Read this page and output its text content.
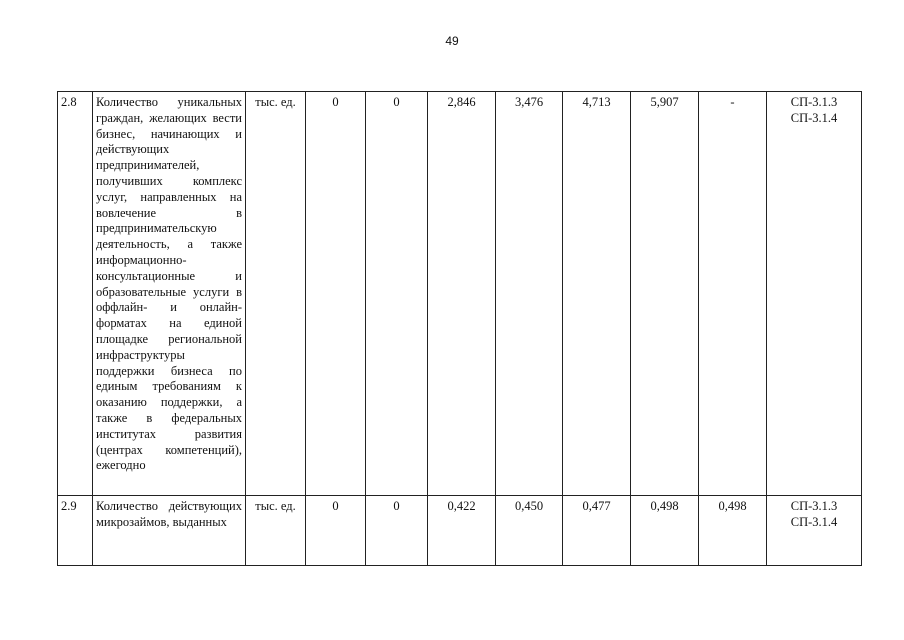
49
2.8	Количество уникальных граждан, желающих вести бизнес, начинающих и действующих предпринимателей, получивших комплекс услуг, направленных на вовлечение в предпринимательскую деятельность, а также информационно-консультационные и образовательные услуги в оффлайн- и онлайн-форматах на единой площадке региональной инфраструктуры поддержки бизнеса по единым требованиям к оказанию поддержки, а также в федеральных институтах развития (центрах компетенций), ежегодно	тыс. ед.	0	0	2,846	3,476	4,713	5,907	-	СП-3.1.3
СП-3.1.4

2.9	Количество действующих микрозаймов, выданных	тыс. ед.	0	0	0,422	0,450	0,477	0,498	0,498	СП-3.1.3
СП-3.1.4
